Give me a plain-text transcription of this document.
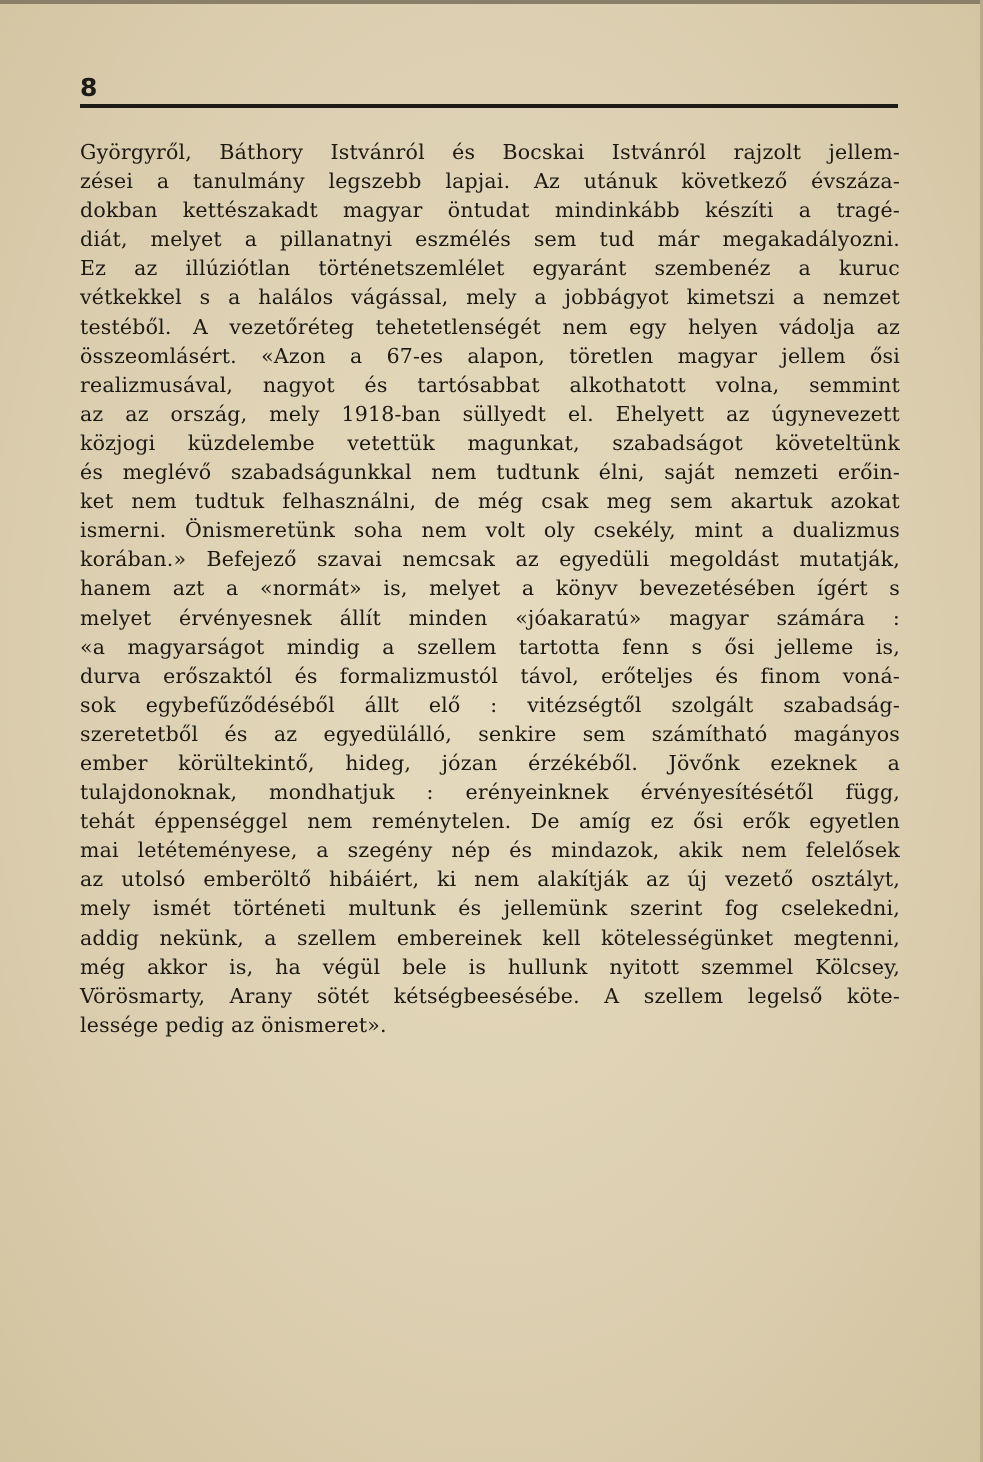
8
Györgyről, Báthory Istvánról és Bocskai Istvánról rajzolt jellem-
zései a tanulmány legszebb lapjai. Az utánuk következő évszáza-
dokban kettészakadt magyar öntudat mindinkább készíti a tragé-
diát, melyet a pillanatnyi eszmélés sem tud már megakadályozni.
Ez az illúziótlan történetszemlélet egyaránt szembenéz a kuruc
vétkekkel s a halálos vágással, mely a jobbágyot kimetszi a nemzet
testéből. A vezetőréteg tehetetlenségét nem egy helyen vádolja az
összeomlásért. «Azon a 67-es alapon, töretlen magyar jellem ősi
realizmusával, nagyot és tartósabbat alkothatott volna, semmint
az az ország, mely 1918-ban süllyedt el. Ehelyett az úgynevezett
közjogi küzdelembe vetettük magunkat, szabadságot követeltünk
és meglévő szabadságunkkal nem tudtunk élni, saját nemzeti erőin-
ket nem tudtuk felhasználni, de még csak meg sem akartuk azokat
ismerni. Önismeretünk soha nem volt oly csekély, mint a dualizmus
korában.» Befejező szavai nemcsak az egyedüli megoldást mutatják,
hanem azt a «normát» is, melyet a könyv bevezetésében ígért s
melyet érvényesnek állít minden «jóakaratú» magyar számára :
«a magyarságot mindig a szellem tartotta fenn s ősi jelleme is,
durva erőszaktól és formalizmustól távol, erőteljes és finom voná-
sok egybefűződéséből állt elő : vitézségtől szolgált szabadság-
szeretetből és az egyedülálló, senkire sem számítható magányos
ember körültekintő, hideg, józan érzékéből. Jövőnk ezeknek a
tulajdonoknak, mondhatjuk : erényeinknek érvényesítésétől függ,
tehát éppenséggel nem reménytelen. De amíg ez ősi erők egyetlen
mai letéteményese, a szegény nép és mindazok, akik nem felelősek
az utolsó emberöltő hibáiért, ki nem alakítják az új vezető osztályt,
mely ismét történeti multunk és jellemünk szerint fog cselekedni,
addig nekünk, a szellem embereinek kell kötelességünket megtenni,
még akkor is, ha végül bele is hullunk nyitott szemmel Kölcsey,
Vörösmarty, Arany sötét kétségbeesésébe. A szellem legelső köte-
lessége pedig az önismeret».
